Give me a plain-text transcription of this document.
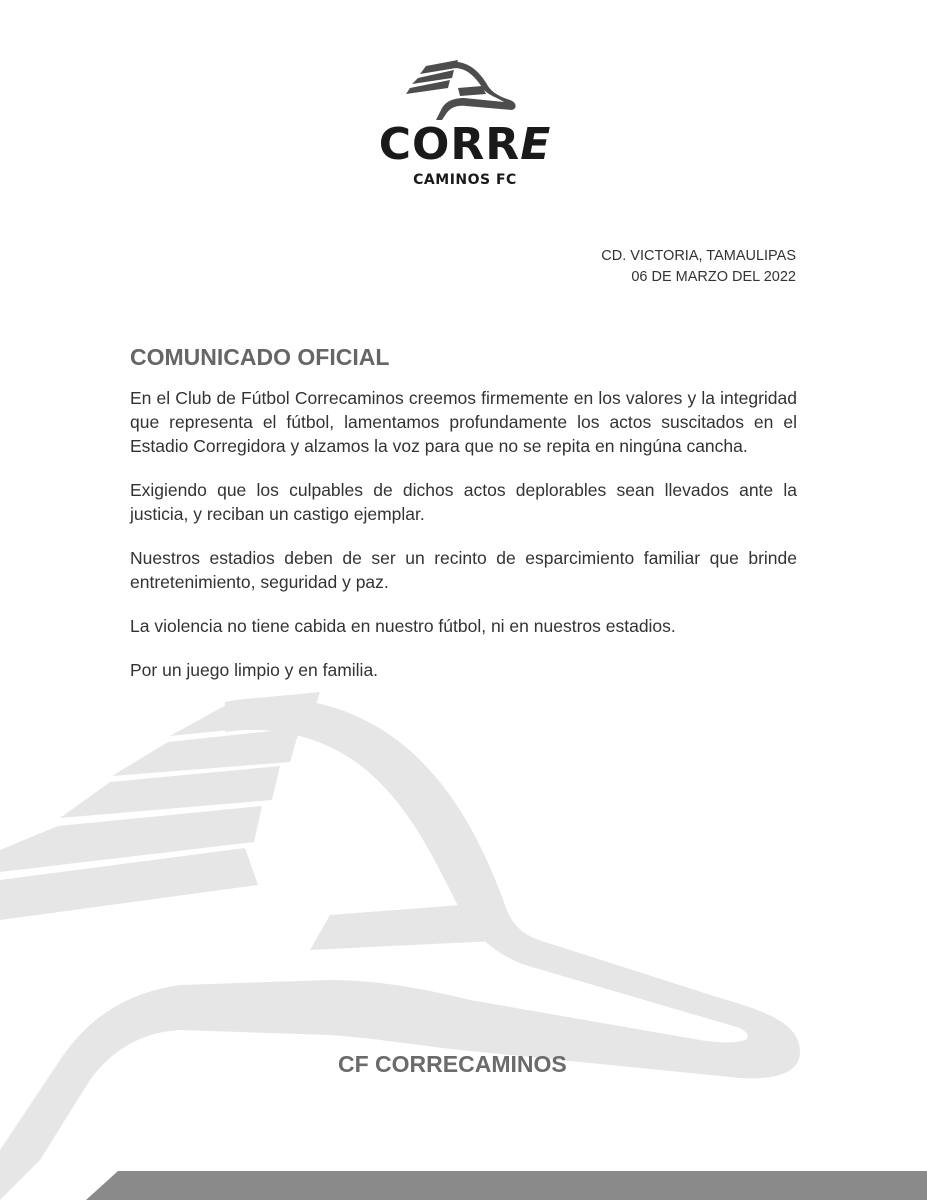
CORRE
CAMINOS FC
CD. VICTORIA, TAMAULIPAS
06 DE MARZO DEL 2022
COMUNICADO OFICIAL

En el Club de Fútbol Correcaminos creemos firmemente en los valores y la integridad que representa el fútbol, lamentamos profundamente los actos suscitados en el Estadio Corregidora y alzamos la voz para que no se repita en ningúna cancha.

Exigiendo que los culpables de dichos actos deplorables sean llevados ante la justicia, y reciban un castigo ejemplar.

Nuestros estadios deben de ser un recinto de esparcimiento familiar que brinde entretenimiento, seguridad y paz.

La violencia no tiene cabida en nuestro fútbol, ni en nuestros estadios.

Por un juego limpio y en familia.

CF CORRECAMINOS
